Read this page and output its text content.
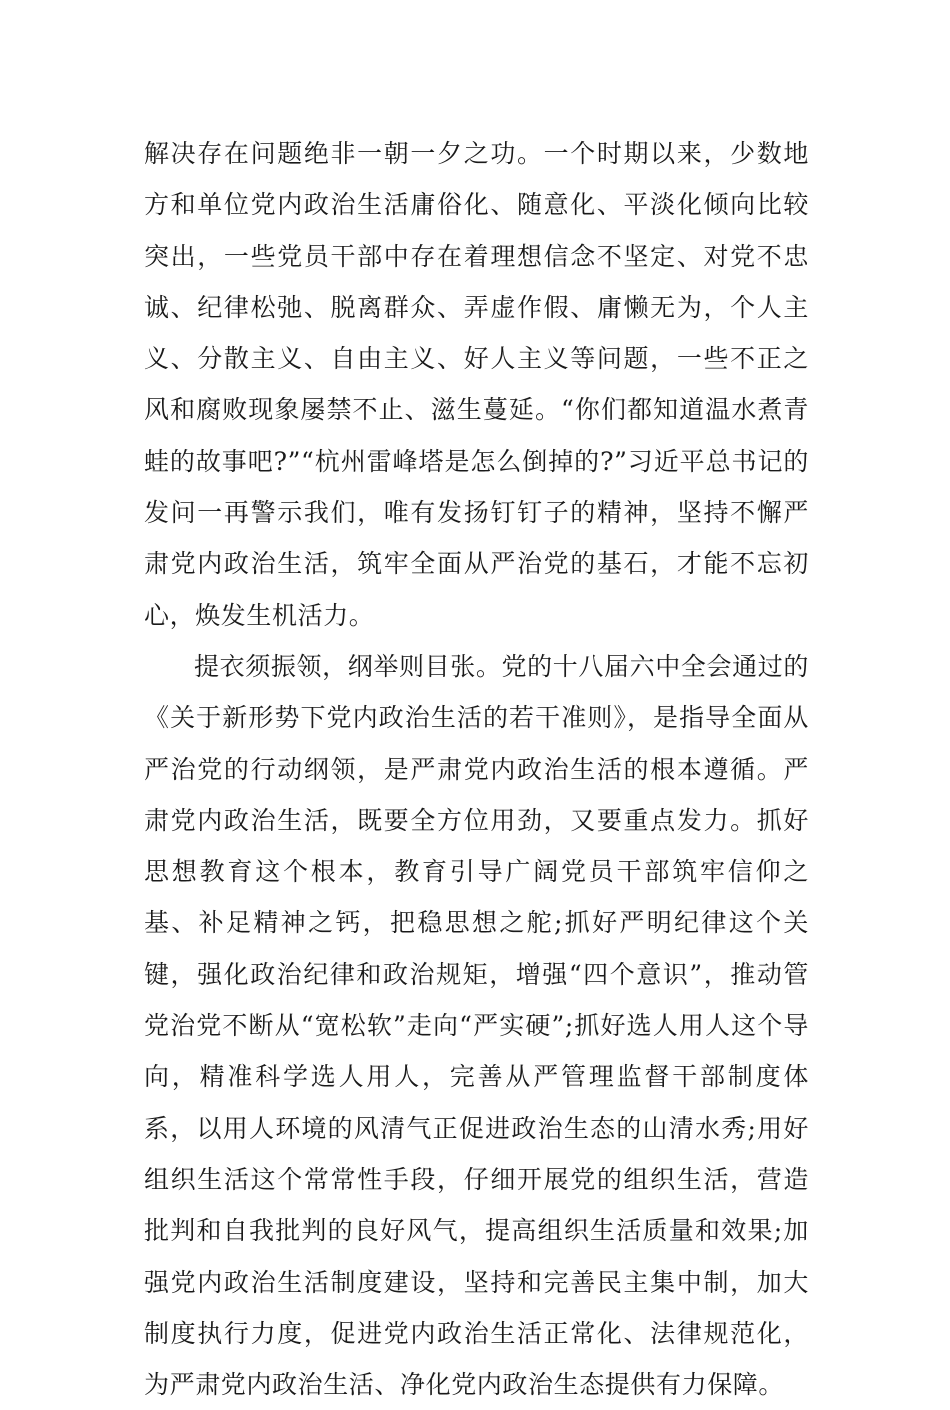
解决存在问题绝非一朝一夕之功。一个时期以来，少数地方和单位党内政治生活庸俗化、随意化、平淡化倾向比较突出，一些党员干部中存在着理想信念不坚定、对党不忠诚、纪律松弛、脱离群众、弄虚作假、庸懒无为，个人主义、分散主义、自由主义、好人主义等问题，一些不正之风和腐败现象屡禁不止、滋生蔓延。“你们都知道温水煮青蛙的故事吧?”“杭州雷峰塔是怎么倒掉的?”习近平总书记的发问一再警示我们，唯有发扬钉钉子的精神，坚持不懈严肃党内政治生活，筑牢全面从严治党的基石，才能不忘初心，焕发生机活力。

提衣须振领，纲举则目张。党的十八届六中全会通过的《关于新形势下党内政治生活的若干准则》，是指导全面从严治党的行动纲领，是严肃党内政治生活的根本遵循。严肃党内政治生活，既要全方位用劲，又要重点发力。抓好思想教育这个根本，教育引导广阔党员干部筑牢信仰之基、补足精神之钙，把稳思想之舵;抓好严明纪律这个关键，强化政治纪律和政治规矩，增强“四个意识”，推动管党治党不断从“宽松软”走向“严实硬”;抓好选人用人这个导向，精准科学选人用人，完善从严管理监督干部制度体系，以用人环境的风清气正促进政治生态的山清水秀;用好组织生活这个常常性手段，仔细开展党的组织生活，营造批判和自我批判的良好风气，提高组织生活质量和效果;加强党内政治生活制度建设，坚持和完善民主集中制，加大制度执行力度，促进党内政治生活正常化、法律规范化，为严肃党内政治生活、净化党内政治生态提供有力保障。
